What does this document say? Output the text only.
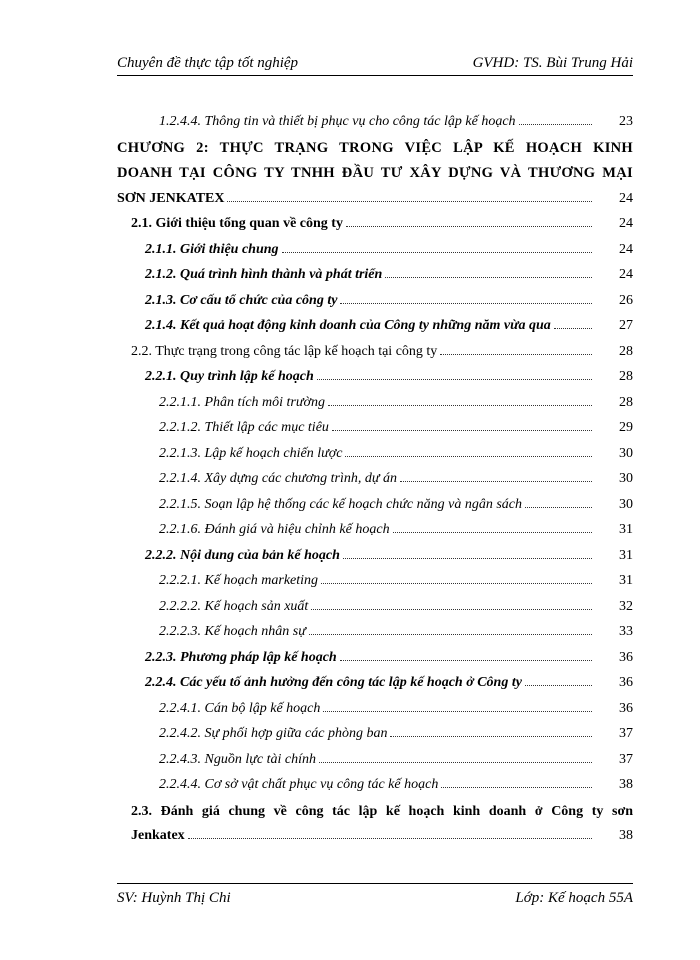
Chuyên đề thực tập tốt nghiệp	GVHD: TS. Bùi Trung Hải
1.2.4.4. Thông tin và thiết bị phục vụ cho công tác lập kế hoạch	23
CHƯƠNG 2: THỰC TRẠNG TRONG VIỆC LẬP KẾ HOẠCH KINH
DOANH TẠI CÔNG TY TNHH ĐẦU TƯ XÂY DỰNG VÀ THƯƠNG MẠI
SƠN JENKATEX	24
2.1. Giới thiệu tổng quan về công ty	24
2.1.1. Giới thiệu chung	24
2.1.2. Quá trình hình thành và phát triển	24
2.1.3. Cơ cấu tổ chức của công ty	26
2.1.4. Kết quả hoạt động kinh doanh của Công ty những năm vừa qua	27
2.2. Thực trạng trong công tác lập kế hoạch tại công ty	28
2.2.1. Quy trình lập kế hoạch	28
2.2.1.1. Phân tích môi trường	28
2.2.1.2. Thiết lập các mục tiêu	29
2.2.1.3. Lập kế hoạch chiến lược	30
2.2.1.4. Xây dựng các chương trình, dự án	30
2.2.1.5. Soạn lập hệ thống các kế hoạch chức năng và ngân sách	30
2.2.1.6. Đánh giá và hiệu chỉnh kế hoạch	31
2.2.2. Nội dung của bản kế hoạch	31
2.2.2.1. Kế hoạch marketing	31
2.2.2.2. Kế hoạch sản xuất	32
2.2.2.3. Kế hoạch nhân sự	33
2.2.3. Phương pháp lập kế hoạch	36
2.2.4. Các yếu tố ảnh hưởng đến công tác lập kế hoạch ở Công ty	36
2.2.4.1. Cán bộ lập kế hoạch	36
2.2.4.2. Sự phối hợp giữa các phòng ban	37
2.2.4.3. Nguồn lực tài chính	37
2.2.4.4. Cơ sở vật chất phục vụ công tác kế hoạch	38
2.3. Đánh giá chung về công tác lập kế hoạch kinh doanh ở Công ty sơn
Jenkatex	38
SV: Huỳnh Thị Chi	Lớp: Kế hoạch 55A
